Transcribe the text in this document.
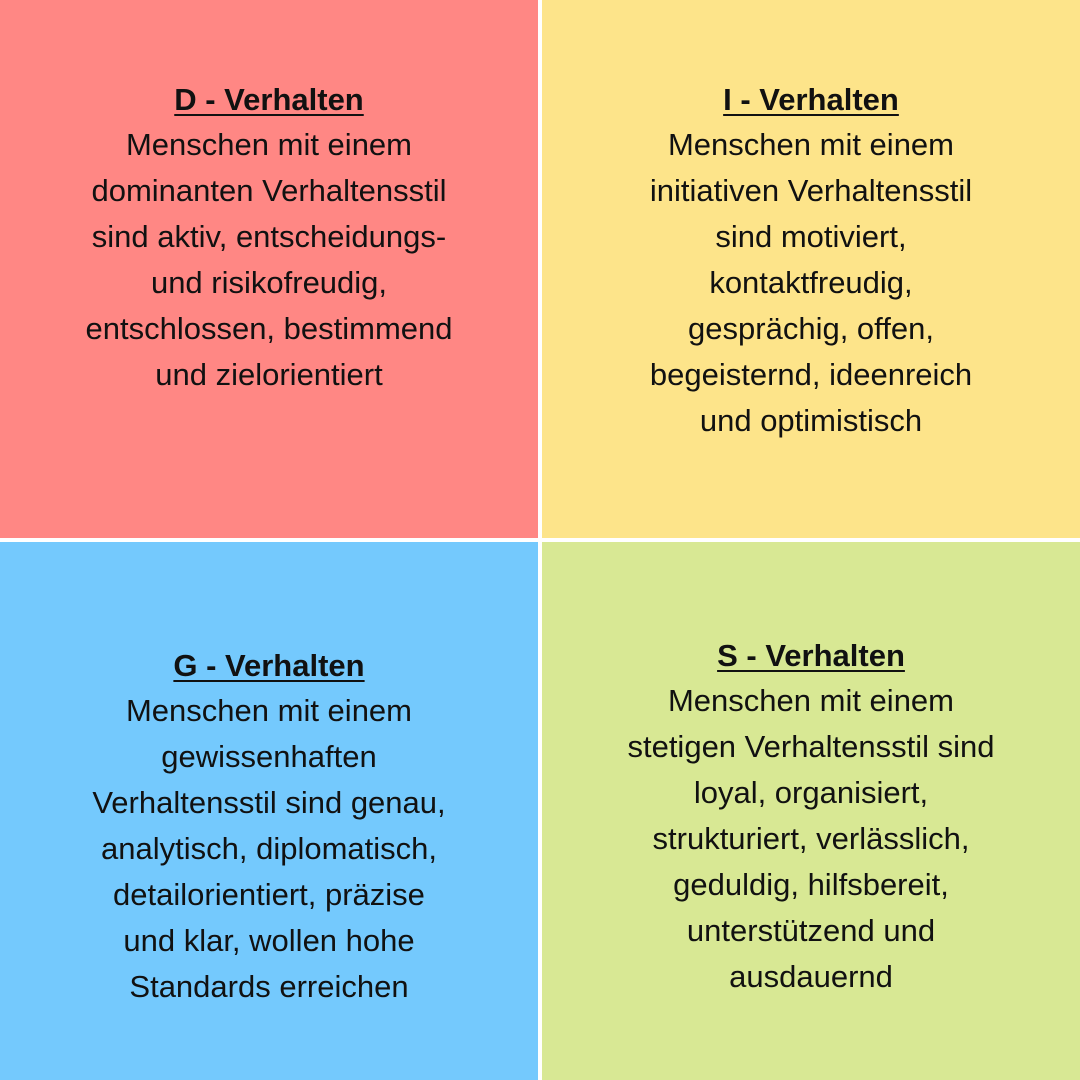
D - Verhalten

Menschen mit einem
dominanten Verhaltensstil
sind aktiv, entscheidungs-
und risikofreudig,
entschlossen, bestimmend
und zielorientiert

I - Verhalten

Menschen mit einem
initiativen Verhaltensstil
sind motiviert,
kontaktfreudig,
gesprächig, offen,
begeisternd, ideenreich
und optimistisch

G - Verhalten

Menschen mit einem
gewissenhaften
Verhaltensstil sind genau,
analytisch, diplomatisch,
detailorientiert, präzise
und klar, wollen hohe
Standards erreichen

S - Verhalten

Menschen mit einem
stetigen Verhaltensstil sind
loyal, organisiert,
strukturiert, verlässlich,
geduldig, hilfsbereit,
unterstützend und
ausdauernd
